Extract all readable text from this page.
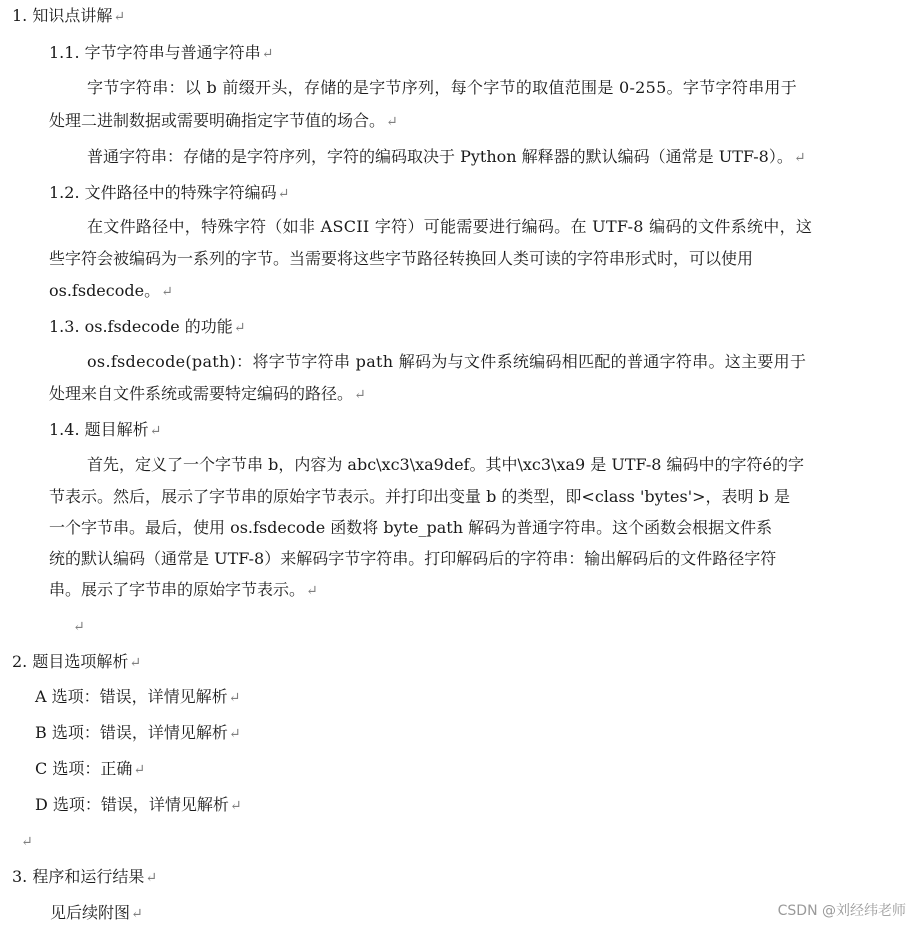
1. 知识点讲解↵
1.1. 字节字符串与普通字符串↵
字节字符串：以 b 前缀开头，存储的是字节序列，每个字节的取值范围是 0-255。字节字符串用于
处理二进制数据或需要明确指定字节值的场合。↵
普通字符串：存储的是字符序列，字符的编码取决于 Python 解释器的默认编码（通常是 UTF-8）。↵
1.2. 文件路径中的特殊字符编码↵
在文件路径中，特殊字符（如非 ASCII 字符）可能需要进行编码。在 UTF-8 编码的文件系统中，这
些字符会被编码为一系列的字节。当需要将这些字节路径转换回人类可读的字符串形式时，可以使用
os.fsdecode。↵
1.3. os.fsdecode 的功能↵
os.fsdecode(path)：将字节字符串 path 解码为与文件系统编码相匹配的普通字符串。这主要用于
处理来自文件系统或需要特定编码的路径。↵
1.4. 题目解析↵
首先，定义了一个字节串 b，内容为 abc\xc3\xa9def。其中\xc3\xa9 是 UTF-8 编码中的字符é的字
节表示。然后，展示了字节串的原始字节表示。并打印出变量 b 的类型，即<class 'bytes'>，表明 b 是
一个字节串。最后，使用 os.fsdecode 函数将 byte_path 解码为普通字符串。这个函数会根据文件系
统的默认编码（通常是 UTF-8）来解码字节字符串。打印解码后的字符串：输出解码后的文件路径字符
串。展示了字节串的原始字节表示。↵
↵
2. 题目选项解析↵
A 选项：错误，详情见解析↵
B 选项：错误，详情见解析↵
C 选项：正确↵
D 选项：错误，详情见解析↵
↵
3. 程序和运行结果↵
见后续附图↵	CSDN @刘经纬老师
